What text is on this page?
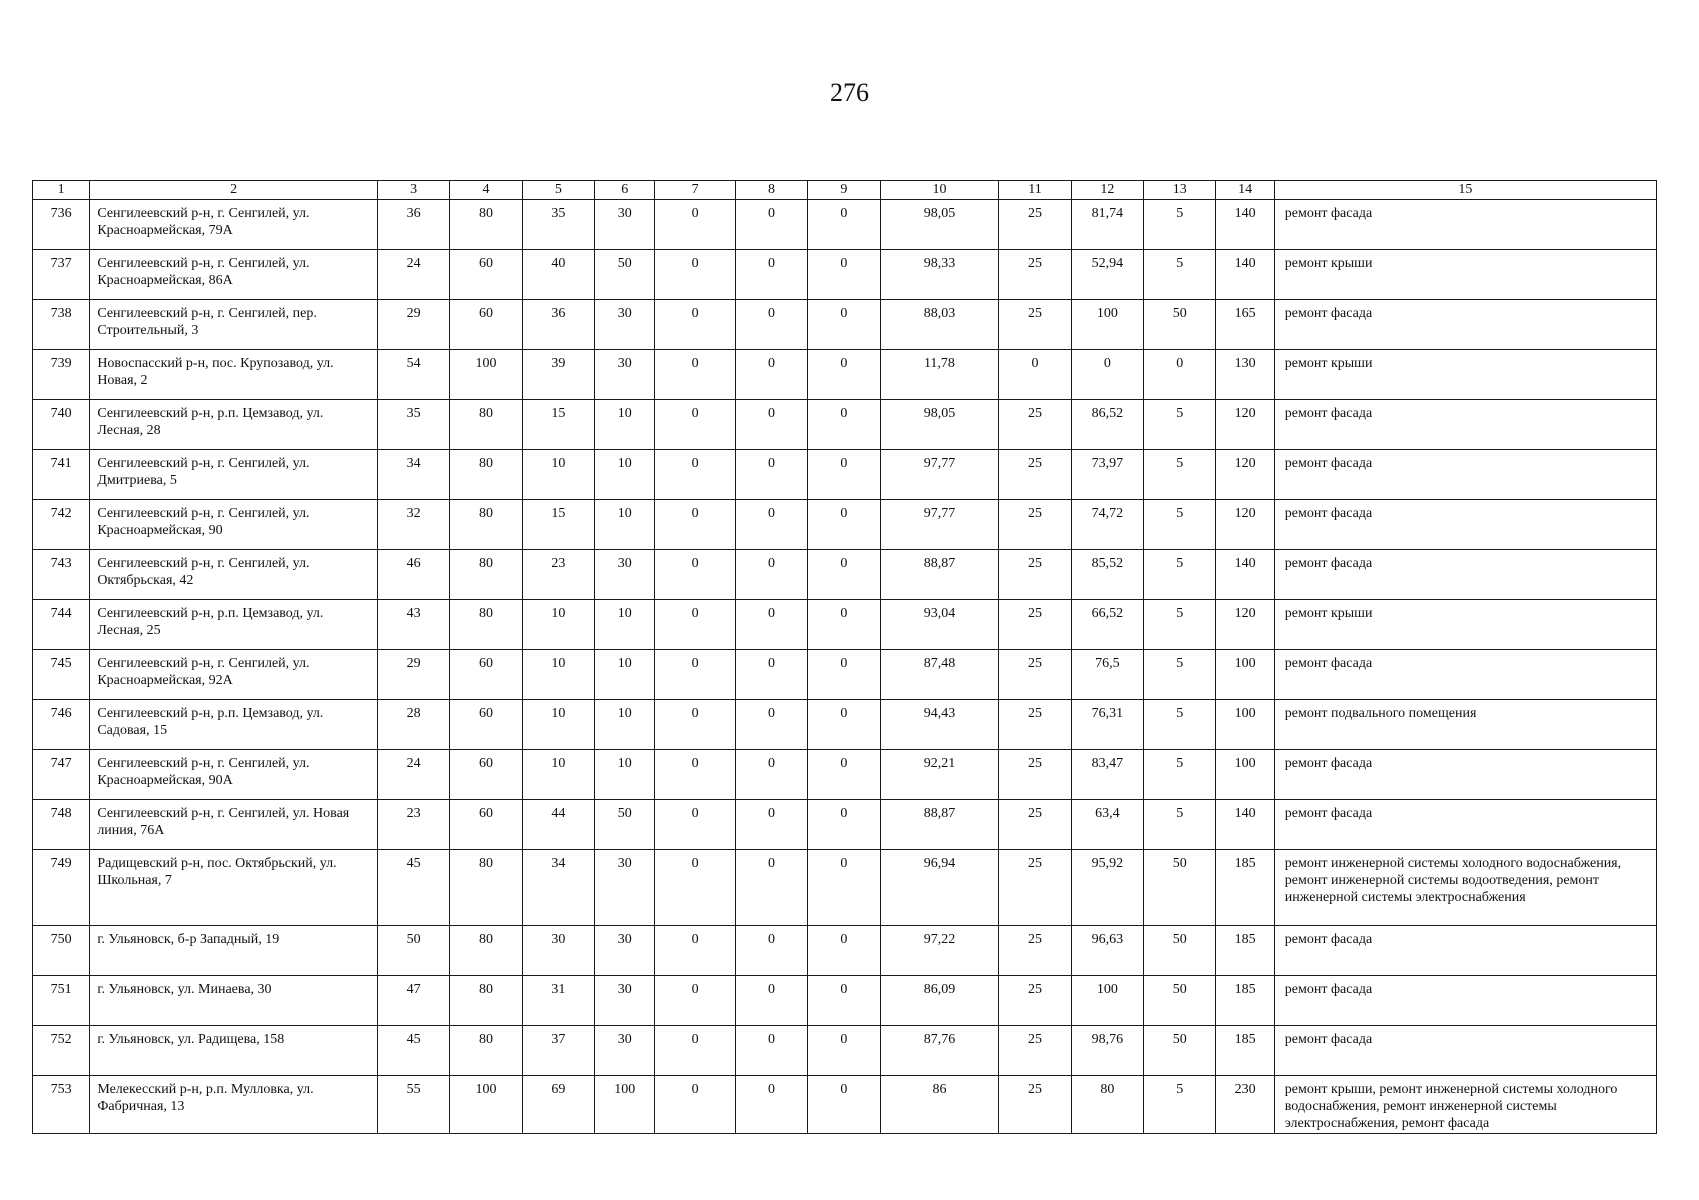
276
1	2	3	4	5	6	7	8	9	10	11	12	13	14	15
736	Сенгилеевский р-н, г. Сенгилей, ул. Красноармейская, 79А	36	80	35	30	0	0	0	98,05	25	81,74	5	140	ремонт фасада
737	Сенгилеевский р-н, г. Сенгилей, ул. Красноармейская, 86А	24	60	40	50	0	0	0	98,33	25	52,94	5	140	ремонт крыши
738	Сенгилеевский р-н, г. Сенгилей, пер. Строительный, 3	29	60	36	30	0	0	0	88,03	25	100	50	165	ремонт фасада
739	Новоспасский р-н, пос. Крупозавод, ул. Новая, 2	54	100	39	30	0	0	0	11,78	0	0	0	130	ремонт крыши
740	Сенгилеевский р-н, р.п. Цемзавод, ул. Лесная, 28	35	80	15	10	0	0	0	98,05	25	86,52	5	120	ремонт фасада
741	Сенгилеевский р-н, г. Сенгилей, ул. Дмитриева, 5	34	80	10	10	0	0	0	97,77	25	73,97	5	120	ремонт фасада
742	Сенгилеевский р-н, г. Сенгилей, ул. Красноармейская, 90	32	80	15	10	0	0	0	97,77	25	74,72	5	120	ремонт фасада
743	Сенгилеевский р-н, г. Сенгилей, ул. Октябрьская, 42	46	80	23	30	0	0	0	88,87	25	85,52	5	140	ремонт фасада
744	Сенгилеевский р-н, р.п. Цемзавод, ул. Лесная, 25	43	80	10	10	0	0	0	93,04	25	66,52	5	120	ремонт крыши
745	Сенгилеевский р-н, г. Сенгилей, ул. Красноармейская, 92А	29	60	10	10	0	0	0	87,48	25	76,5	5	100	ремонт фасада
746	Сенгилеевский р-н, р.п. Цемзавод, ул. Садовая, 15	28	60	10	10	0	0	0	94,43	25	76,31	5	100	ремонт подвального помещения
747	Сенгилеевский р-н, г. Сенгилей, ул. Красноармейская, 90А	24	60	10	10	0	0	0	92,21	25	83,47	5	100	ремонт фасада
748	Сенгилеевский р-н, г. Сенгилей, ул. Новая линия, 76А	23	60	44	50	0	0	0	88,87	25	63,4	5	140	ремонт фасада
749	Радищевский р-н, пос. Октябрьский, ул. Школьная, 7	45	80	34	30	0	0	0	96,94	25	95,92	50	185	ремонт инженерной системы холодного водоснабжения, ремонт инженерной системы водоотведения, ремонт инженерной системы электроснабжения
750	г. Ульяновск, б-р Западный, 19	50	80	30	30	0	0	0	97,22	25	96,63	50	185	ремонт фасада
751	г. Ульяновск, ул. Минаева, 30	47	80	31	30	0	0	0	86,09	25	100	50	185	ремонт фасада
752	г. Ульяновск, ул. Радищева, 158	45	80	37	30	0	0	0	87,76	25	98,76	50	185	ремонт фасада
753	Мелекесский р-н, р.п. Мулловка, ул. Фабричная, 13	55	100	69	100	0	0	0	86	25	80	5	230	ремонт крыши, ремонт инженерной системы холодного водоснабжения, ремонт инженерной системы электроснабжения, ремонт фасада
